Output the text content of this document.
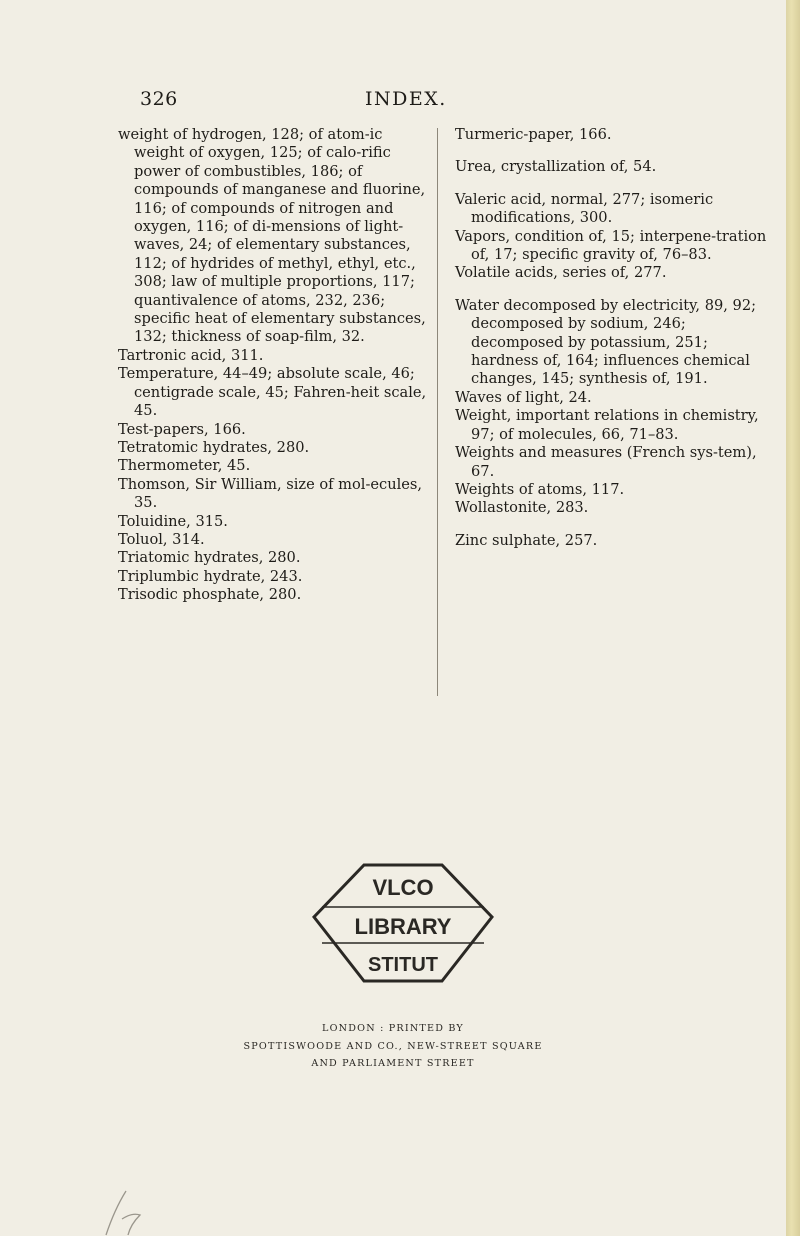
326	INDEX.

weight of hydrogen, 128; of atom-ic weight of oxygen, 125; of calo-rific power of combustibles, 186; of compounds of manganese and fluorine, 116; of compounds of nitrogen and oxygen, 116; of di-mensions of light-waves, 24; of elementary substances, 112; of hydrides of methyl, ethyl, etc., 308; law of multiple proportions, 117; quantivalence of atoms, 232, 236; specific heat of elementary substances, 132; thickness of soap-film, 32.

Tartronic acid, 311.

Temperature, 44–49; absolute scale, 46; centigrade scale, 45; Fahren-heit scale, 45.

Test-papers, 166.

Tetratomic hydrates, 280.

Thermometer, 45.

Thomson, Sir William, size of mol-ecules, 35.

Toluidine, 315.

Toluol, 314.

Triatomic hydrates, 280.

Triplumbic hydrate, 243.

Trisodic phosphate, 280.

Turmeric-paper, 166.

Urea, crystallization of, 54.

Valeric acid, normal, 277; isomeric modifications, 300.

Vapors, condition of, 15; interpene-tration of, 17; specific gravity of, 76–83.

Volatile acids, series of, 277.

Water decomposed by electricity, 89, 92; decomposed by sodium, 246; decomposed by potassium, 251; hardness of, 164; influences chemical changes, 145; synthesis of, 191.

Waves of light, 24.

Weight, important relations in chemistry, 97; of molecules, 66, 71–83.

Weights and measures (French sys-tem), 67.

Weights of atoms, 117.

Wollastonite, 283.

Zinc sulphate, 257.

VLCO
LIBRARY
STITUT
LONDON : PRINTED BY
SPOTTISWOODE AND CO., NEW-STREET SQUARE
AND PARLIAMENT STREET
